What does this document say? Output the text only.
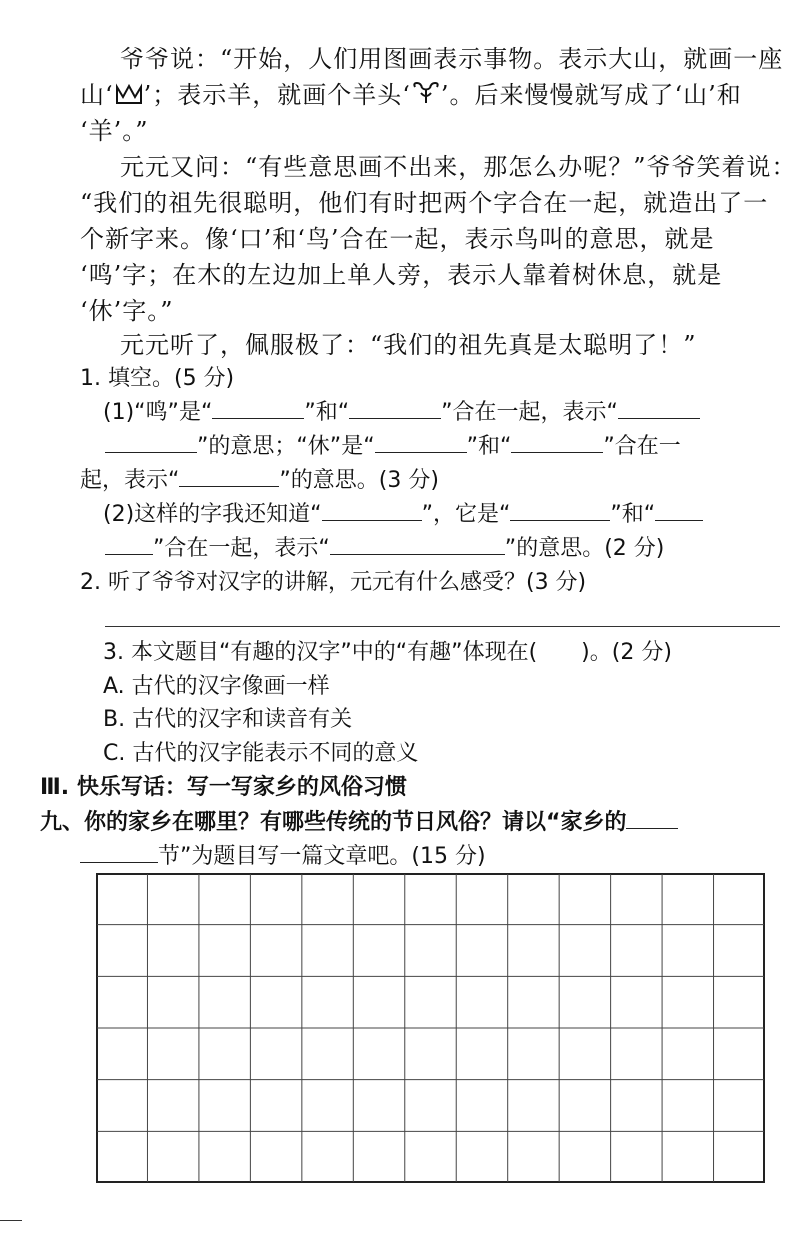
爷爷说：“开始，人们用图画表示事物。表示大山，就画一座
山‘ ’；表示羊，就画个羊头‘ ’。后来慢慢就写成了‘山’和
‘羊’。”
元元又问：“有些意思画不出来，那怎么办呢？”爷爷笑着说：
“我们的祖先很聪明，他们有时把两个字合在一起，就造出了一
个新字来。像‘口’和‘鸟’合在一起，表示鸟叫的意思，就是
‘鸣’字；在木的左边加上单人旁，表示人靠着树休息，就是
‘休’字。”
元元听了，佩服极了：“我们的祖先真是太聪明了！”
1. 填空。(5 分)
(1)“鸣”是“	”和“	”合在一起，表示“
”的意思；“休”是“	”和“	”合在一
起，表示“	”的意思。(3 分)
(2)这样的字我还知道“	”，它是“	”和“
”合在一起，表示“	”的意思。(2 分)
2. 听了爷爷对汉字的讲解，元元有什么感受？(3 分)
3. 本文题目“有趣的汉字”中的“有趣”体现在( )。(2 分)
A. 古代的汉字像画一样
B. 古代的汉字和读音有关
C. 古代的汉字能表示不同的意义
Ⅲ. 快乐写话：写一写家乡的风俗习惯
九、你的家乡在哪里？有哪些传统的节日风俗？请以“家乡的
节”为题目写一篇文章吧。(15 分)
